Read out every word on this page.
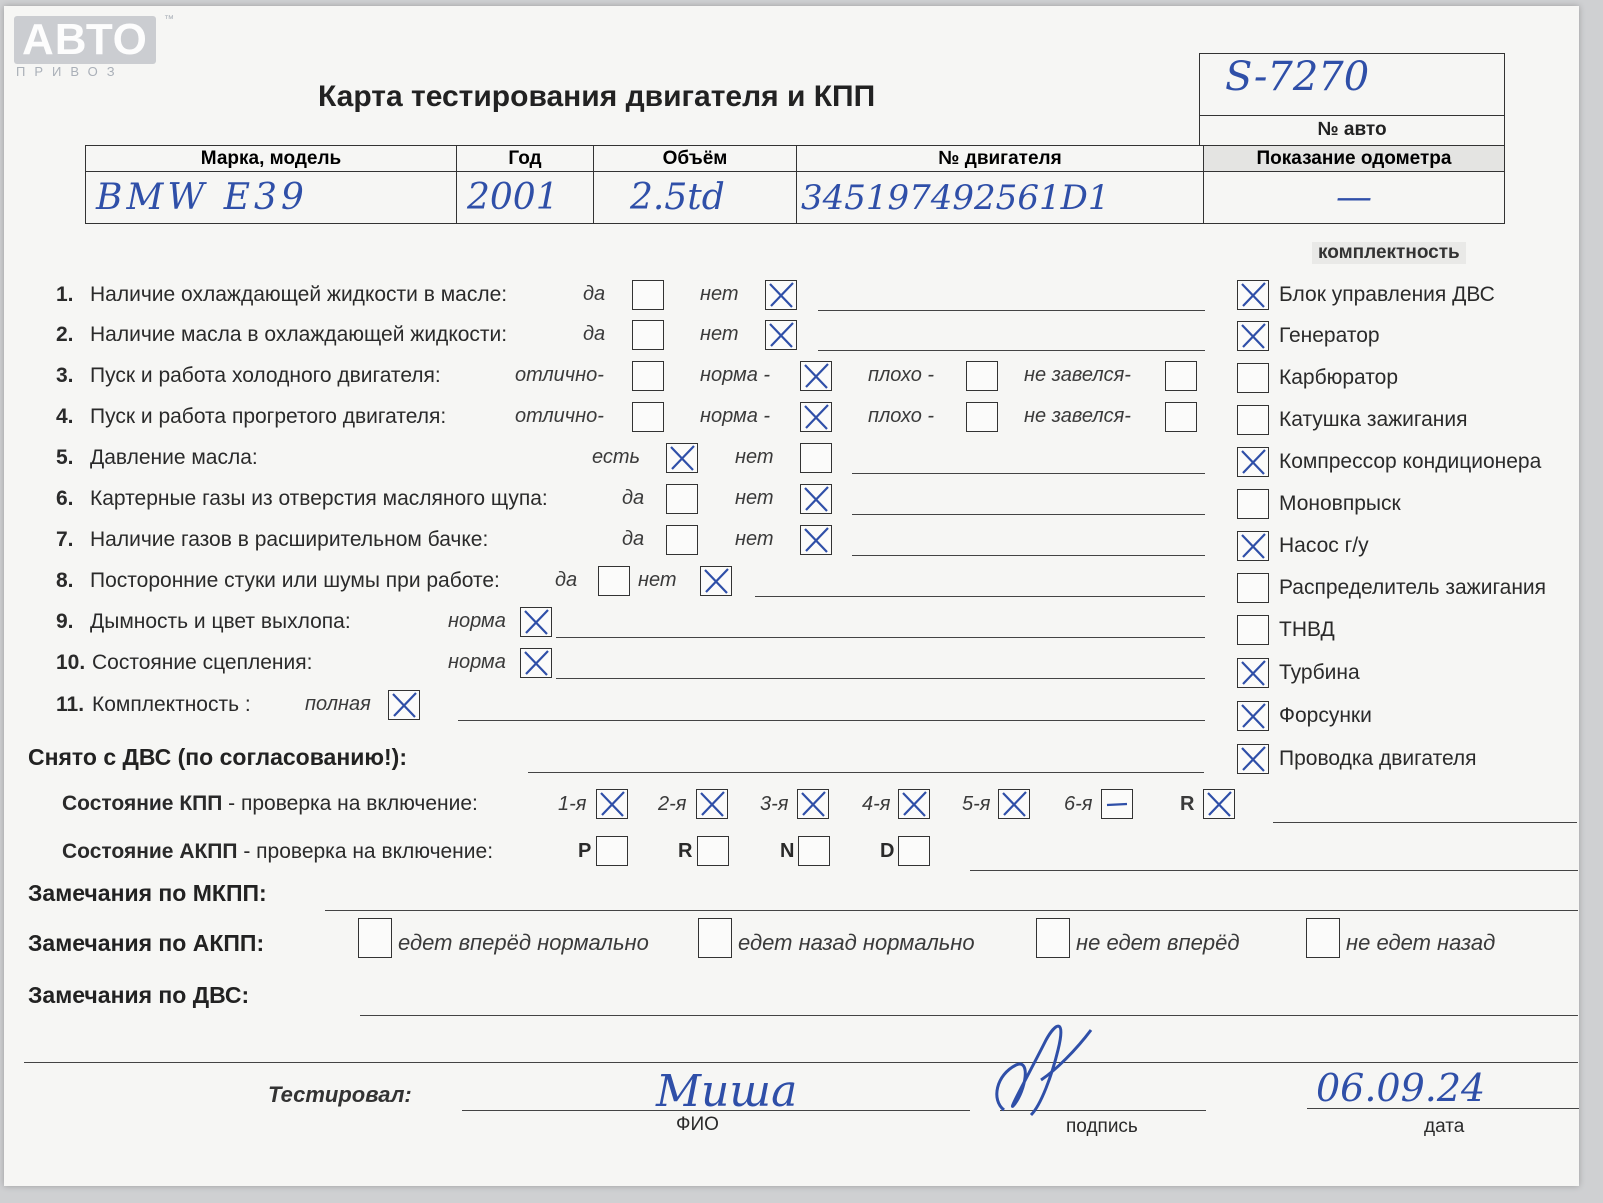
АВТО
ПРИВОЗ
™
Карта тестирования двигателя и КПП	S-7270
№ авто
Марка, модель	Год	Объём	№ двигателя	Показание одометра
BMW E39	2001	2.5td	345197492561D1	—
комплектность
1. Наличие охлаждающей жидкости в масле:	да	нет
2. Наличие масла в охлаждающей жидкости:	да	нет
3. Пуск и работа холодного двигателя:	отлично-	норма -	плохо -	не завелся-
4. Пуск и работа прогретого двигателя:	отлично-	норма -	плохо -	не завелся-
5. Давление масла:	есть	нет
6. Картерные газы из отверстия масляного щупа:	да	нет
7. Наличие газов в расширительном бачке:	да	нет
8. Посторонние стуки или шумы при работе:	да	нет
9. Дымность и цвет выхлопа:	норма
10. Состояние сцепления:	норма
11. Комплектность :	полная
Блок управления ДВС
Генератор
Карбюратор
Катушка зажигания
Компрессор кондиционера
Моновпрыск
Насос г/у
Распределитель зажигания
ТНВД
Турбина
Форсунки
Проводка двигателя
Снято с ДВС (по согласованию!):
Состояние КПП - проверка на включение:	1-я	2-я	3-я	4-я	5-я	6-я	R
Состояние АКПП - проверка на включение:	P	R	N	D
Замечания по МКПП:
Замечания по АКПП:	едет вперёд нормально	едет назад нормально	не едет вперёд	не едет назад
Замечания по ДВС:
Тестировал:	Миша
ФИО	подпись
06.09.24
дата
